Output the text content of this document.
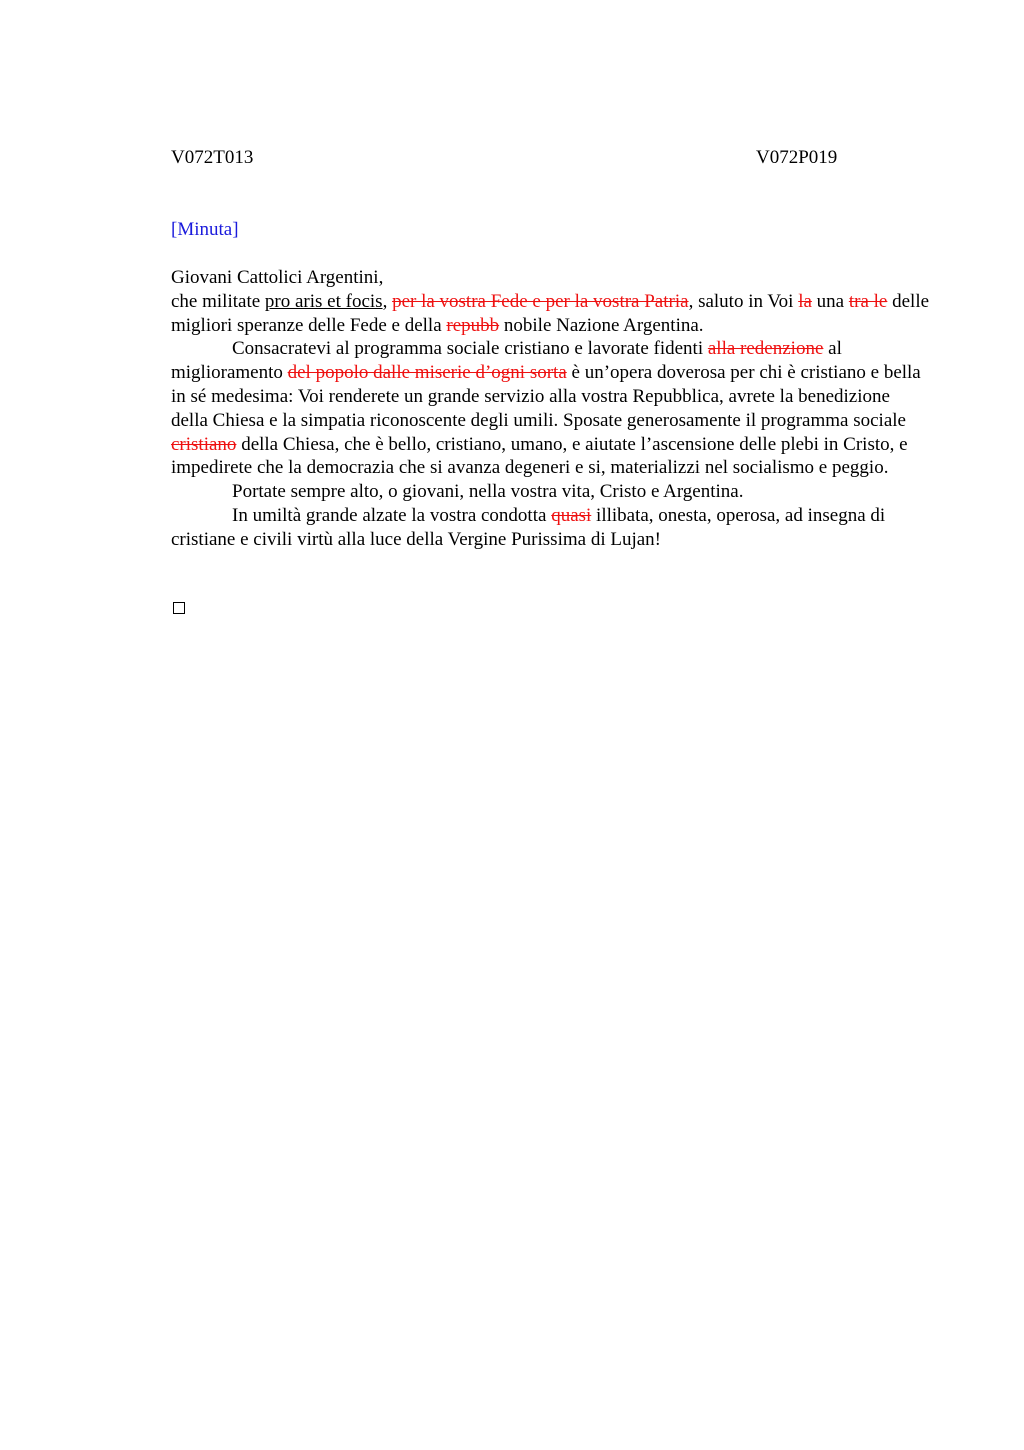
V072T013	V072P019
[Minuta]

Giovani Cattolici Argentini,

che militate pro aris et focis, per la vostra Fede e per la vostra Patria, saluto in Voi la una tra le delle migliori speranze delle Fede e della repubb nobile Nazione Argentina.

Consacratevi al programma sociale cristiano e lavorate fidenti alla redenzione al miglioramento del popolo dalle miserie d’ogni sorta è un’opera doverosa per chi è cristiano e bella in sé medesima: Voi renderete un grande servizio alla vostra Repubblica, avrete la benedizione della Chiesa e la simpatia riconoscente degli umili. Sposate generosamente il programma sociale cristiano della Chiesa, che è bello, cristiano, umano, e aiutate l’ascensione delle plebi in Cristo, e impedirete che la democrazia che si avanza degeneri e si, materializzi nel socialismo e peggio.

Portate sempre alto, o giovani, nella vostra vita, Cristo e Argentina.

In umiltà grande alzate la vostra condotta quasi illibata, onesta, operosa, ad insegna di cristiane e civili virtù alla luce della Vergine Purissima di Lujan!
